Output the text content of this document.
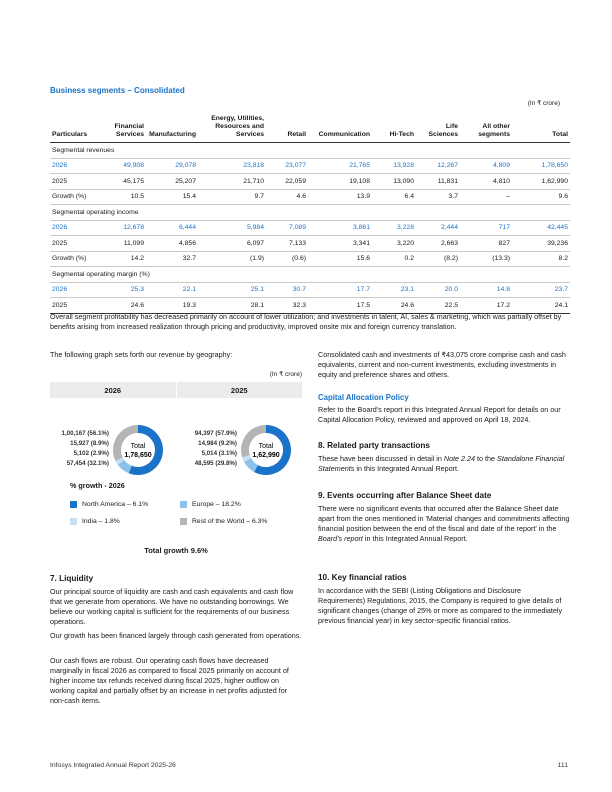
Business segments – Consolidated
(In ₹ crore)
Particulars	Financial Services	Manufacturing	Energy, Utilities, Resources and Services	Retail	Communication	Hi-Tech	Life Sciences	All other segments	Total
Segmental revenues									
2026	49,908	29,078	23,818	23,077	21,765	13,928	12,267	4,809	1,78,650
2025	45,175	25,207	21,710	22,059	19,108	13,090	11,831	4,810	1,62,990
Growth (%)	10.5	15.4	9.7	4.6	13.9	6.4	3.7	–	9.6
Segmental operating income									
2026	12,678	6,444	5,984	7,089	3,861	3,228	2,444	717	42,445
2025	11,099	4,856	6,097	7,133	3,341	3,220	2,663	827	39,236
Growth (%)	14.2	32.7	(1.9)	(0.6)	15.6	0.2	(8.2)	(13.3)	8.2
Segmental operating margin (%)									
2026	25.3	22.1	25.1	30.7	17.7	23.1	20.0	14.8	23.7
2025	24.6	19.3	28.1	32.3	17.5	24.6	22.5	17.2	24.1
Overall segment profitability has decreased primarily on account of lower utilization; and investments in talent, AI, sales & marketing, which was partially offset by benefits arising from increased realization through pricing and productivity, improved onsite mix and foreign currency translation.
The following graph sets forth our revenue by geography:
(In ₹ crore)
2026	2025
Total
1,78,650
1,00,167 (56.1%)
15,927 (8.9%)
5,102 (2.9%)
57,454 (32.1%)
Total
1,62,990
94,397 (57.9%)
14,984 (9.2%)
5,014 (3.1%)
48,595 (29.8%)
% growth - 2026
North America – 6.1%	Europe – 18.2%
India – 1.8%	Rest of the World – 6.3%
Total growth 9.6%
7. Liquidity
Our principal source of liquidity are cash and cash equivalents and cash flow that we generate from operations. We have no outstanding borrowings. We believe our working capital is sufficient for the requirements of our business operations.
Our growth has been financed largely through cash generated from operations.
Our cash flows are robust. Our operating cash flows have decreased marginally in fiscal 2026 as compared to fiscal 2025 primarily on account of higher income tax refunds received during fiscal 2025, higher outflow on working capital and partially offset by an increase in net profits adjusted for non-cash items.
Consolidated cash and investments of ₹43,075 crore comprise cash and cash equivalents, current and non-current investments, excluding investments in equity and preference shares and others.
Capital Allocation Policy
Refer to the Board's report in this Integrated Annual Report for details on our Capital Allocation Policy, reviewed and approved on April 18, 2024.
8. Related party transactions
These have been discussed in detail in Note 2.24 to the Standalone Financial Statements in this Integrated Annual Report.
9. Events occurring after Balance Sheet date
There were no significant events that occurred after the Balance Sheet date apart from the ones mentioned in 'Material changes and commitments affecting financial position between the end of the fiscal and date of the report' in the Board's report in this Integrated Annual Report.
10. Key financial ratios
In accordance with the SEBI (Listing Obligations and Disclosure Requirements) Regulations, 2015, the Company is required to give details of significant changes (change of 25% or more as compared to the immediately previous financial year) in key sector-specific financial ratios.
Infosys Integrated Annual Report 2025-26	111
